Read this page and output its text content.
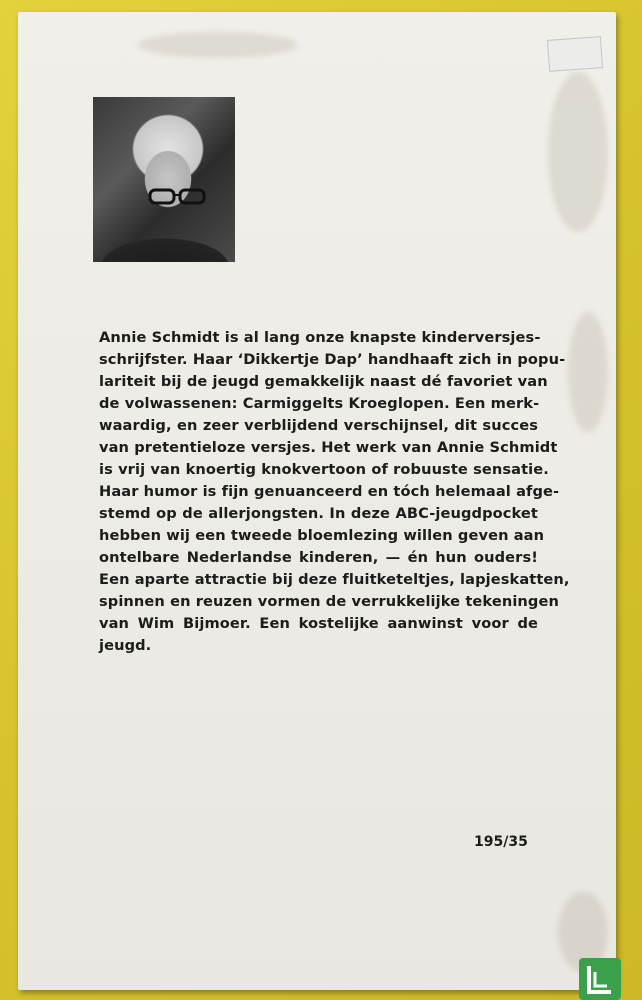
Annie Schmidt is al lang onze knapste kinderversjes-
schrijfster. Haar ‘Dikkertje Dap’ handhaaft zich in popu-
lariteit bij de jeugd gemakkelijk naast dé favoriet van
de volwassenen: Carmiggelts Kroeglopen. Een merk-
waardig, en zeer verblijdend verschijnsel, dit succes
van pretentieloze versjes. Het werk van Annie Schmidt
is vrij van knoertig knokvertoon of robuuste sensatie.
Haar humor is fijn genuanceerd en tóch helemaal afge-
stemd op de allerjongsten. In deze ABC-jeugdpocket
hebben wij een tweede bloemlezing willen geven aan
ontelbare Nederlandse kinderen, — én hun ouders!
Een aparte attractie bij deze fluitketeltjes, lapjeskatten,
spinnen en reuzen vormen de verrukkelijke tekeningen
van Wim Bijmoer. Een kostelijke aanwinst voor de
jeugd.

195/35
